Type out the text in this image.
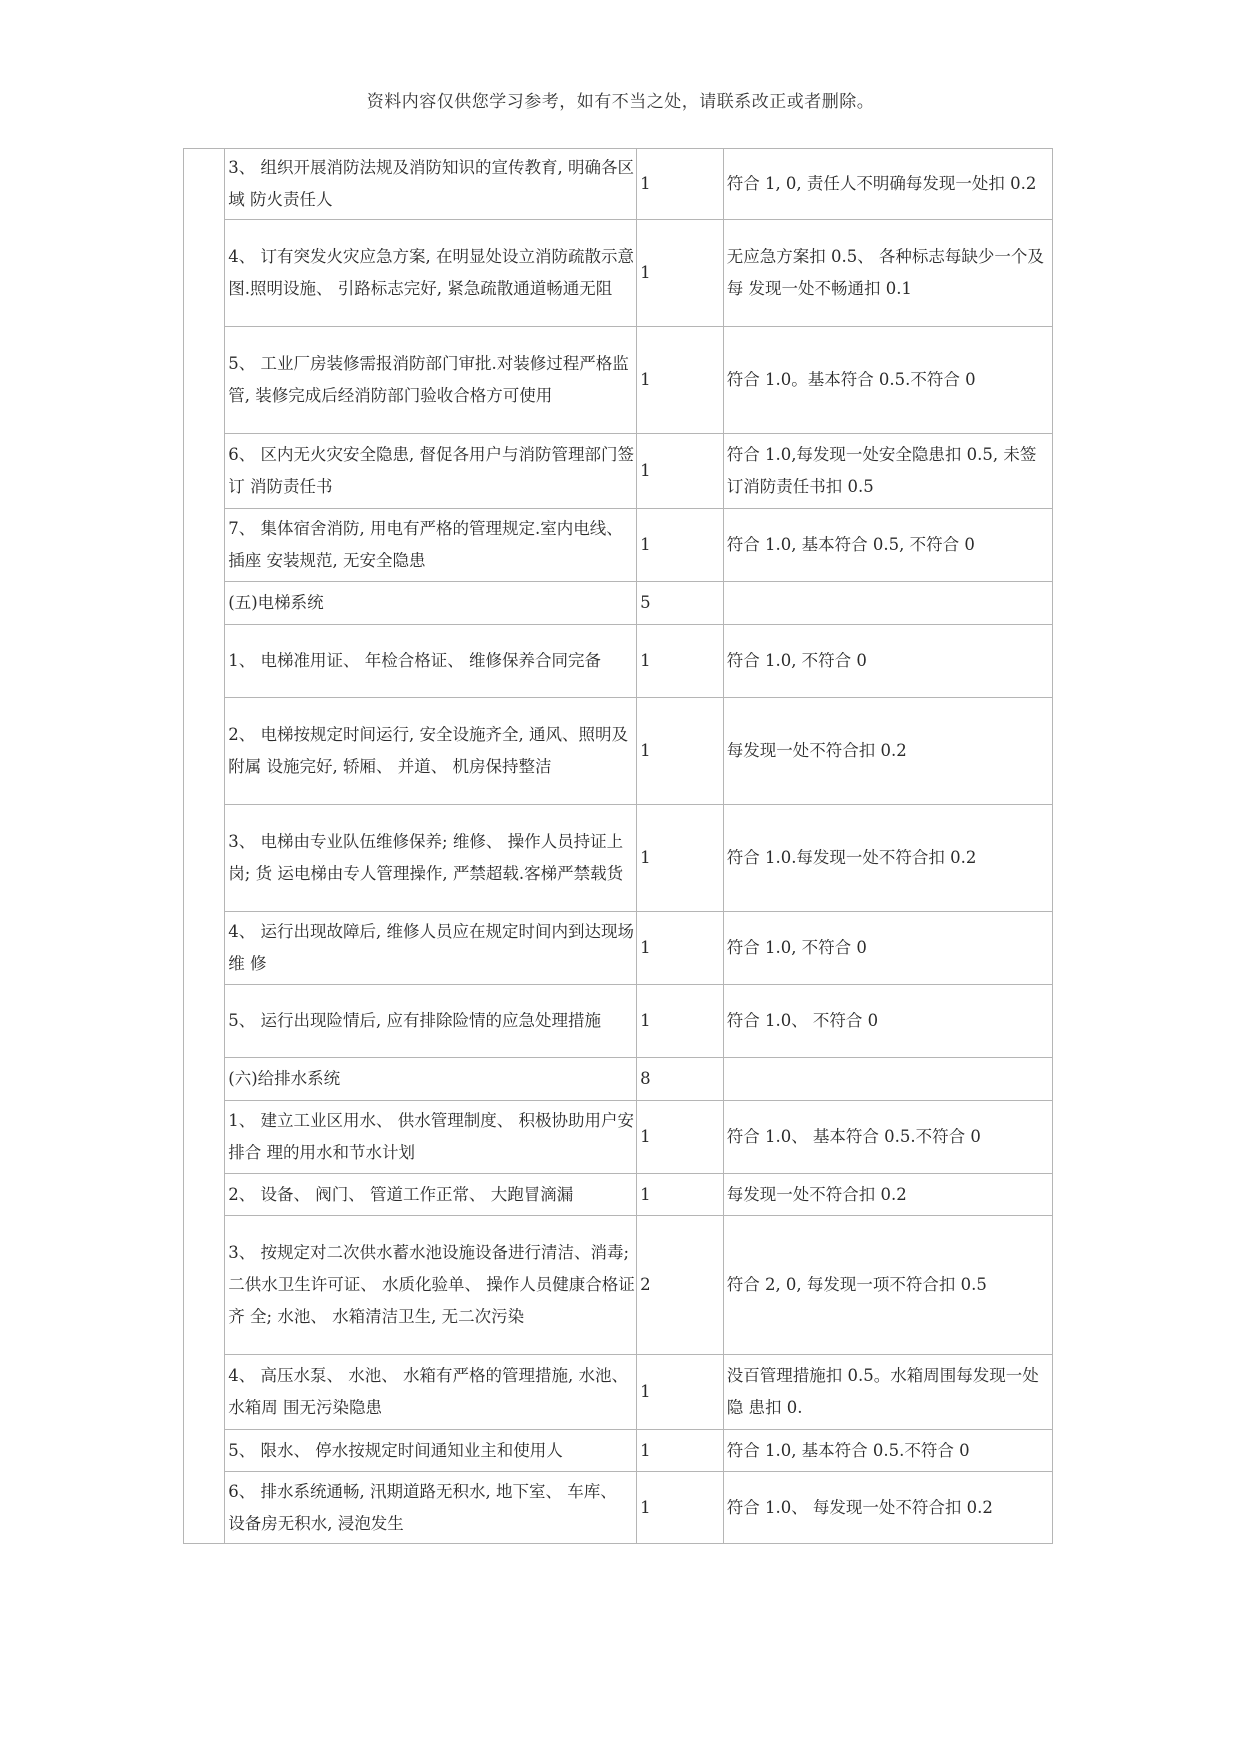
资料内容仅供您学习参考，如有不当之处，请联系改正或者删除。
	3、 组织开展消防法规及消防知识的宣传教育, 明确各区域 防火责任人	1	符合 1, 0, 责任人不明确每发现一处扣 0.2
	4、 订有突发火灾应急方案, 在明显处设立消防疏散示意 图.照明设施、 引路标志完好, 紧急疏散通道畅通无阻	1	无应急方案扣 0.5、 各种标志每缺少一个及每 发现一处不畅通扣 0.1
	5、 工业厂房装修需报消防部门审批.对装修过程严格监 管, 装修完成后经消防部门验收合格方可使用	1	符合 1.0。基本符合 0.5.不符合 0
	6、 区内无火灾安全隐患, 督促各用户与消防管理部门签订 消防责任书	1	符合 1.0,每发现一处安全隐患扣 0.5, 未签订消防责任书扣 0.5
	7、 集体宿舍消防, 用电有严格的管理规定.室内电线、 插座 安装规范, 无安全隐患	1	符合 1.0, 基本符合 0.5, 不符合 0
	(五)电梯系统	5	
	1、 电梯准用证、 年检合格证、 维修保养合同完备	1	符合 1.0, 不符合 0
	2、 电梯按规定时间运行, 安全设施齐全, 通风、照明及附属 设施完好, 轿厢、 并道、 机房保持整洁	1	每发现一处不符合扣 0.2
	3、 电梯由专业队伍维修保养; 维修、 操作人员持证上岗; 货 运电梯由专人管理操作, 严禁超载.客梯严禁载货	1	符合 1.0.每发现一处不符合扣 0.2
	4、 运行出现故障后, 维修人员应在规定时间内到达现场维 修	1	符合 1.0, 不符合 0
	5、 运行出现险情后, 应有排除险情的应急处理措施	1	符合 1.0、 不符合 0
	(六)给排水系统	8	
	1、 建立工业区用水、 供水管理制度、 积极协助用户安排合 理的用水和节水计划	1	符合 1.0、 基本符合 0.5.不符合 0
	2、 设备、 阀门、 管道工作正常、 大跑冒滴漏	1	每发现一处不符合扣 0.2
	3、 按规定对二次供水蓄水池设施设备进行清洁、消毒; 二供水卫生许可证、 水质化验单、 操作人员健康合格证齐 全; 水池、 水箱清洁卫生, 无二次污染	2	符合 2, 0, 每发现一项不符合扣 0.5
	4、 高压水泵、 水池、 水箱有严格的管理措施, 水池、 水箱周 围无污染隐患	1	没百管理措施扣 0.5。水箱周围每发现一处隐 患扣 0.
	5、 限水、 停水按规定时间通知业主和使用人	1	符合 1.0, 基本符合 0.5.不符合 0
	6、 排水系统通畅, 汛期道路无积水, 地下室、 车库、 设备房无积水, 浸泡发生	1	符合 1.0、 每发现一处不符合扣 0.2
